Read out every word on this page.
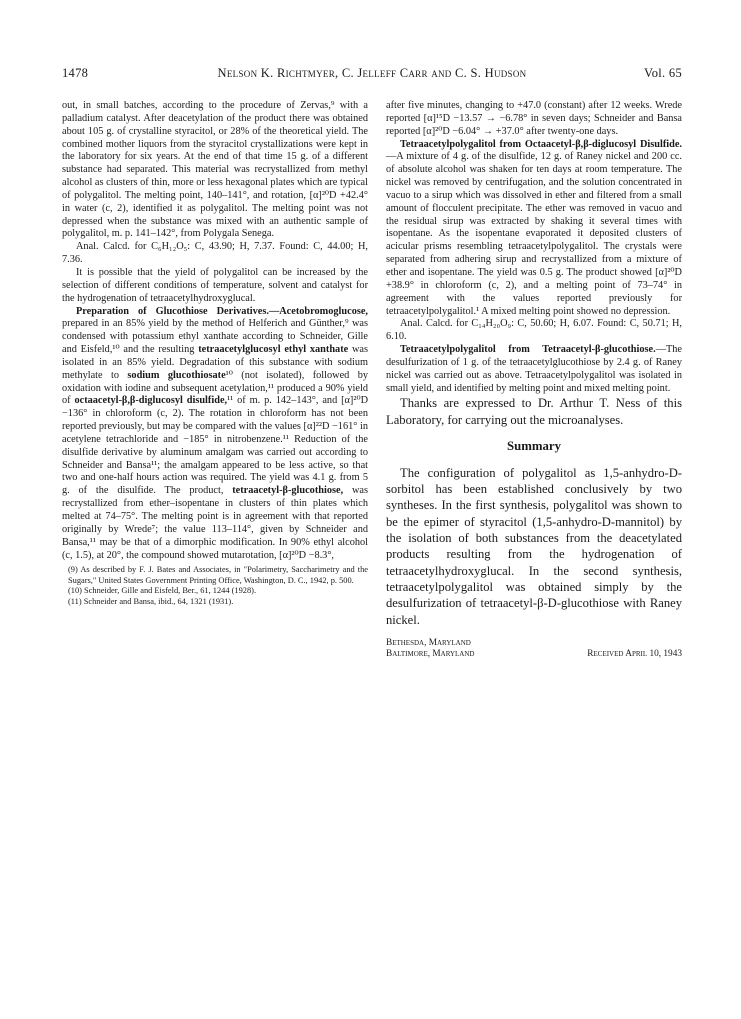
1478	Nelson K. Richtmyer, C. Jelleff Carr and C. S. Hudson	Vol. 65

out, in small batches, according to the procedure of Zervas,⁹ with a palladium catalyst. After deacetylation of the product there was obtained about 105 g. of crystalline styracitol, or 28% of the theoretical yield. The combined mother liquors from the styracitol crystallizations were kept in the laboratory for six years. At the end of that time 15 g. of a different substance had separated. This material was recrystallized from methyl alcohol as clusters of thin, more or less hexagonal plates which are typical of polygalitol. The melting point, 140–141°, and rotation, [α]²⁰D +42.4° in water (c, 2), identified it as polygalitol. The melting point was not depressed when the substance was mixed with an authentic sample of polygalitol, m. p. 141–142°, from Polygala Senega.

Anal. Calcd. for C₆H₁₂O₅: C, 43.90; H, 7.37. Found: C, 44.00; H, 7.36.

It is possible that the yield of polygalitol can be increased by the selection of different conditions of temperature, solvent and catalyst for the hydrogenation of tetraacetylhydroxyglucal.

Preparation of Glucothiose Derivatives.—Acetobromoglucose, prepared in an 85% yield by the method of Helferich and Günther,⁹ was condensed with potassium ethyl xanthate according to Schneider, Gille and Eisfeld,¹⁰ and the resulting tetraacetylglucosyl ethyl xanthate was isolated in an 85% yield. Degradation of this substance with sodium methylate to sodium glucothiosate¹⁰ (not isolated), followed by oxidation with iodine and subsequent acetylation,¹¹ produced a 90% yield of octaacetyl-β,β-diglucosyl disulfide,¹¹ of m. p. 142–143°, and [α]²⁰D −136° in chloroform (c, 2). The rotation in chloroform has not been reported previously, but may be compared with the values [α]²²D −161° in acetylene tetrachloride and −185° in nitrobenzene.¹¹ Reduction of the disulfide derivative by aluminum amalgam was carried out according to Schneider and Bansa¹¹; the amalgam appeared to be less active, so that two and one-half hours action was required. The yield was 4.1 g. from 5 g. of the disulfide. The product, tetraacetyl-β-glucothiose, was recrystallized from ether–isopentane in clusters of thin plates which melted at 74–75°. The melting point is in agreement with that reported originally by Wrede⁷; the value 113–114°, given by Schneider and Bansa,¹¹ may be that of a dimorphic modification. In 90% ethyl alcohol (c, 1.5), at 20°, the compound showed mutarotation, [α]²⁰D −8.3°,

(9) As described by F. J. Bates and Associates, in "Polarimetry, Saccharimetry and the Sugars," United States Government Printing Office, Washington, D. C., 1942, p. 500.

(10) Schneider, Gille and Eisfeld, Ber., 61, 1244 (1928).

(11) Schneider and Bansa, ibid., 64, 1321 (1931).

after five minutes, changing to +47.0 (constant) after 12 weeks. Wrede reported [α]¹⁵D −13.57 → −6.78° in seven days; Schneider and Bansa reported [α]²⁰D −6.04° → +37.0° after twenty-one days.

Tetraacetylpolygalitol from Octaacetyl-β,β-diglucosyl Disulfide.—A mixture of 4 g. of the disulfide, 12 g. of Raney nickel and 200 cc. of absolute alcohol was shaken for ten days at room temperature. The nickel was removed by centrifugation, and the solution concentrated in vacuo to a sirup which was dissolved in ether and filtered from a small amount of flocculent precipitate. The ether was removed in vacuo and the residual sirup was extracted by shaking it several times with isopentane. As the isopentane evaporated it deposited clusters of acicular prisms resembling tetraacetylpolygalitol. The crystals were separated from adhering sirup and recrystallized from a mixture of ether and isopentane. The yield was 0.5 g. The product showed [α]²⁰D +38.9° in chloroform (c, 2), and a melting point of 73–74° in agreement with the values reported previously for tetraacetylpolygalitol.¹ A mixed melting point showed no depression.

Anal. Calcd. for C₁₄H₂₀O₉: C, 50.60; H, 6.07. Found: C, 50.71; H, 6.10.

Tetraacetylpolygalitol from Tetraacetyl-β-glucothiose.—The desulfurization of 1 g. of the tetraacetylglucothiose by 2.4 g. of Raney nickel was carried out as above. Tetraacetylpolygalitol was isolated in small yield, and identified by melting point and mixed melting point.

Thanks are expressed to Dr. Arthur T. Ness of this Laboratory, for carrying out the microanalyses.

Summary

The configuration of polygalitol as 1,5-anhydro-D-sorbitol has been established conclusively by two syntheses. In the first synthesis, polygalitol was shown to be the epimer of styracitol (1,5-anhydro-D-mannitol) by the isolation of both substances from the deacetylated products resulting from the hydrogenation of tetraacetylhydroxyglucal. In the second synthesis, tetraacetylpolygalitol was obtained simply by the desulfurization of tetraacetyl-β-D-glucothiose with Raney nickel.

Bethesda, Maryland
Baltimore, Maryland	Received April 10, 1943
